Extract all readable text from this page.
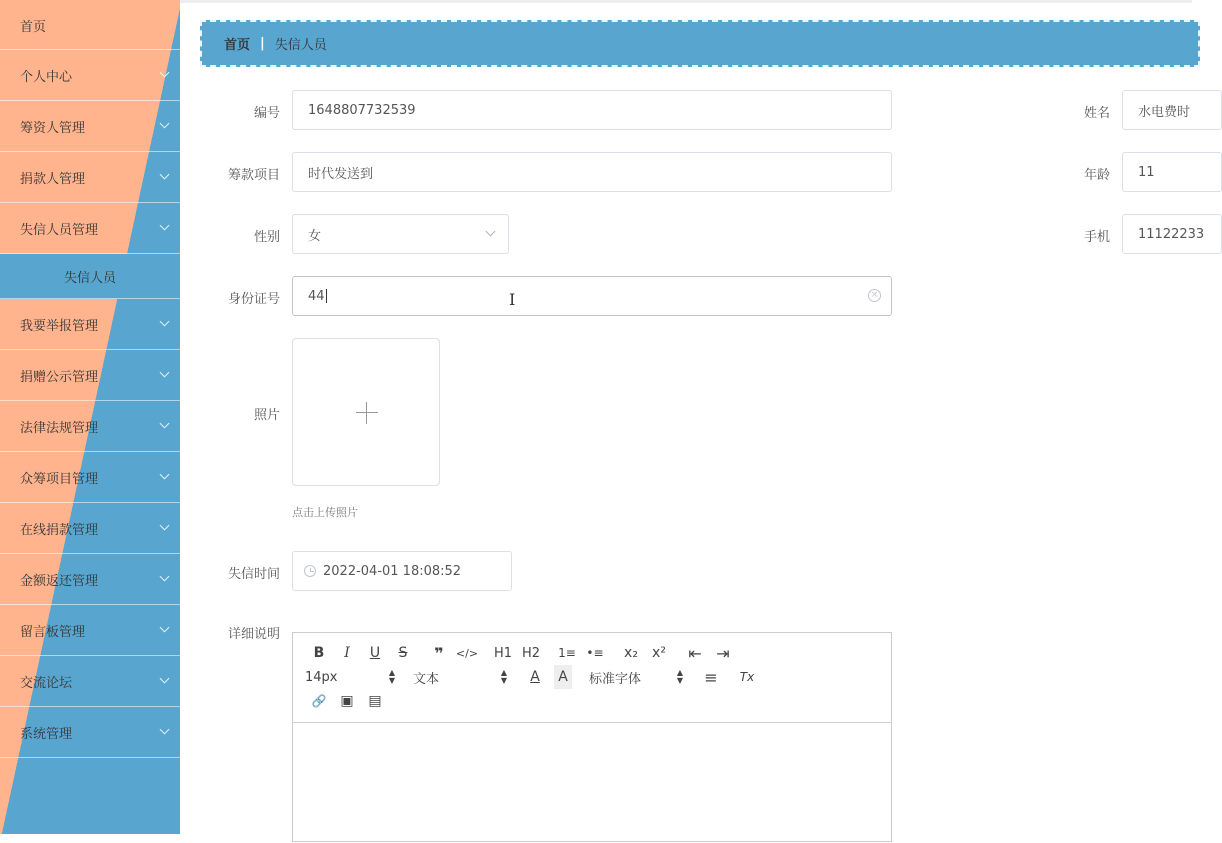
首页
个人中心
筹资人管理
捐款人管理
失信人员管理
失信人员
我要举报管理
捐赠公示管理
法律法规管理
众筹项目管理
在线捐款管理
金额返还管理
留言板管理
交流论坛
系统管理
首页 | 失信人员
编号 1648807732539
筹款项目 时代发送到
性别 女
身份证号 44	×
I
照片
点击上传照片
失信时间	2022-04-01 18:08:52
详细说明
B	I	U	S	❞	</>	H1 H2	1≡ •≡	x₂	x²	⇤ ⇥
14px	▲
▼ 文本	▲
▼	A	A	标准字体	▲
▼	≡	Tx
🔗 ▣	▤
姓名 水电费时
年龄 11
手机 11122233
